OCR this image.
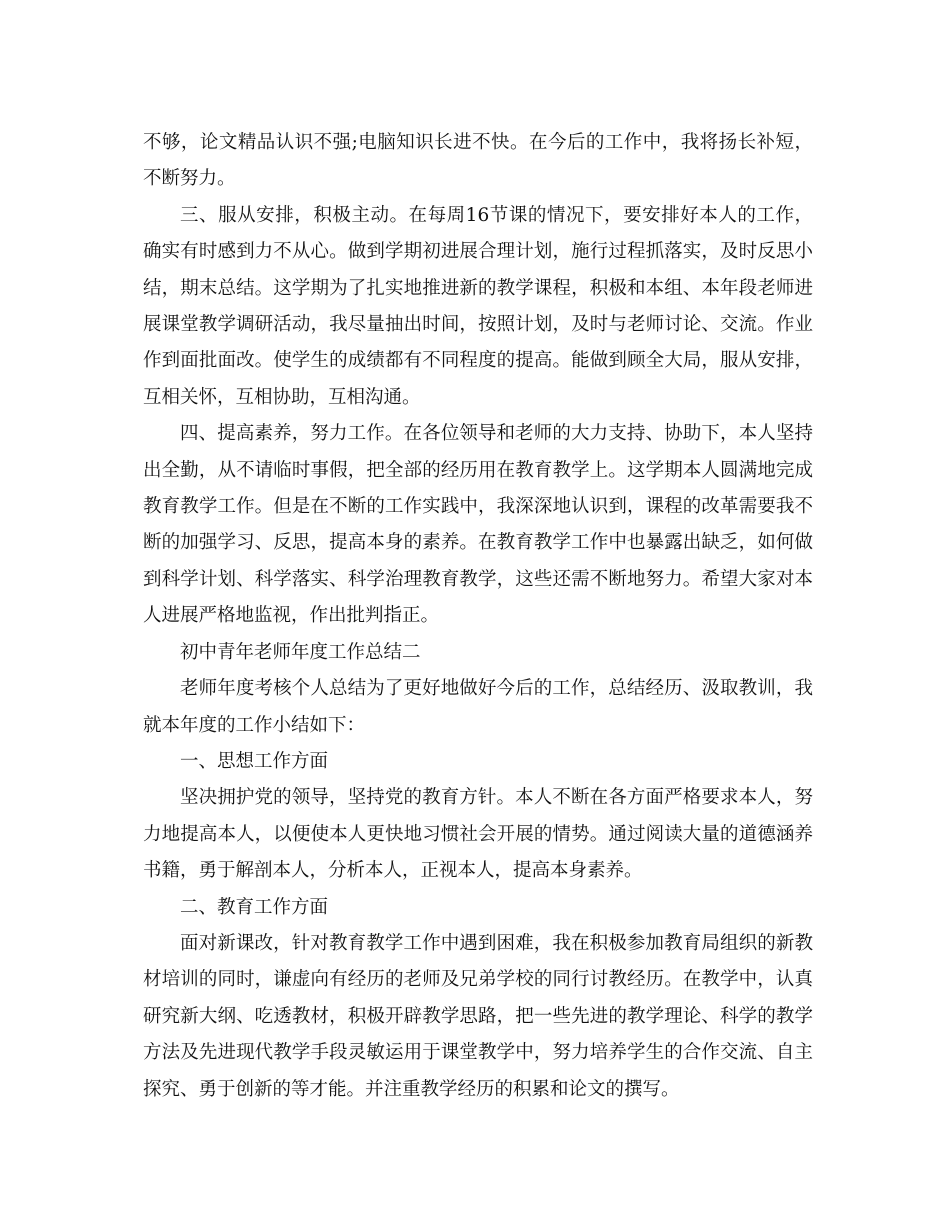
不够，论文精品认识不强;电脑知识长进不快。在今后的工作中，我将扬长补短，不断努力。

三、服从安排，积极主动。在每周16节课的情况下，要安排好本人的工作，确实有时感到力不从心。做到学期初进展合理计划，施行过程抓落实，及时反思小结，期末总结。这学期为了扎实地推进新的教学课程，积极和本组、本年段老师进展课堂教学调研活动，我尽量抽出时间，按照计划，及时与老师讨论、交流。作业作到面批面改。使学生的成绩都有不同程度的提高。能做到顾全大局，服从安排，互相关怀，互相协助，互相沟通。

四、提高素养，努力工作。在各位领导和老师的大力支持、协助下，本人坚持出全勤，从不请临时事假，把全部的经历用在教育教学上。这学期本人圆满地完成教育教学工作。但是在不断的工作实践中，我深深地认识到，课程的改革需要我不断的加强学习、反思，提高本身的素养。在教育教学工作中也暴露出缺乏，如何做到科学计划、科学落实、科学治理教育教学，这些还需不断地努力。希望大家对本人进展严格地监视，作出批判指正。

初中青年老师年度工作总结二

老师年度考核个人总结为了更好地做好今后的工作，总结经历、汲取教训，我就本年度的工作小结如下：

一、思想工作方面

坚决拥护党的领导，坚持党的教育方针。本人不断在各方面严格要求本人，努力地提高本人，以便使本人更快地习惯社会开展的情势。通过阅读大量的道德涵养书籍，勇于解剖本人，分析本人，正视本人，提高本身素养。

二、教育工作方面

面对新课改，针对教育教学工作中遇到困难，我在积极参加教育局组织的新教材培训的同时，谦虚向有经历的老师及兄弟学校的同行讨教经历。在教学中，认真研究新大纲、吃透教材，积极开辟教学思路，把一些先进的教学理论、科学的教学方法及先进现代教学手段灵敏运用于课堂教学中，努力培养学生的合作交流、自主探究、勇于创新的等才能。并注重教学经历的积累和论文的撰写。
